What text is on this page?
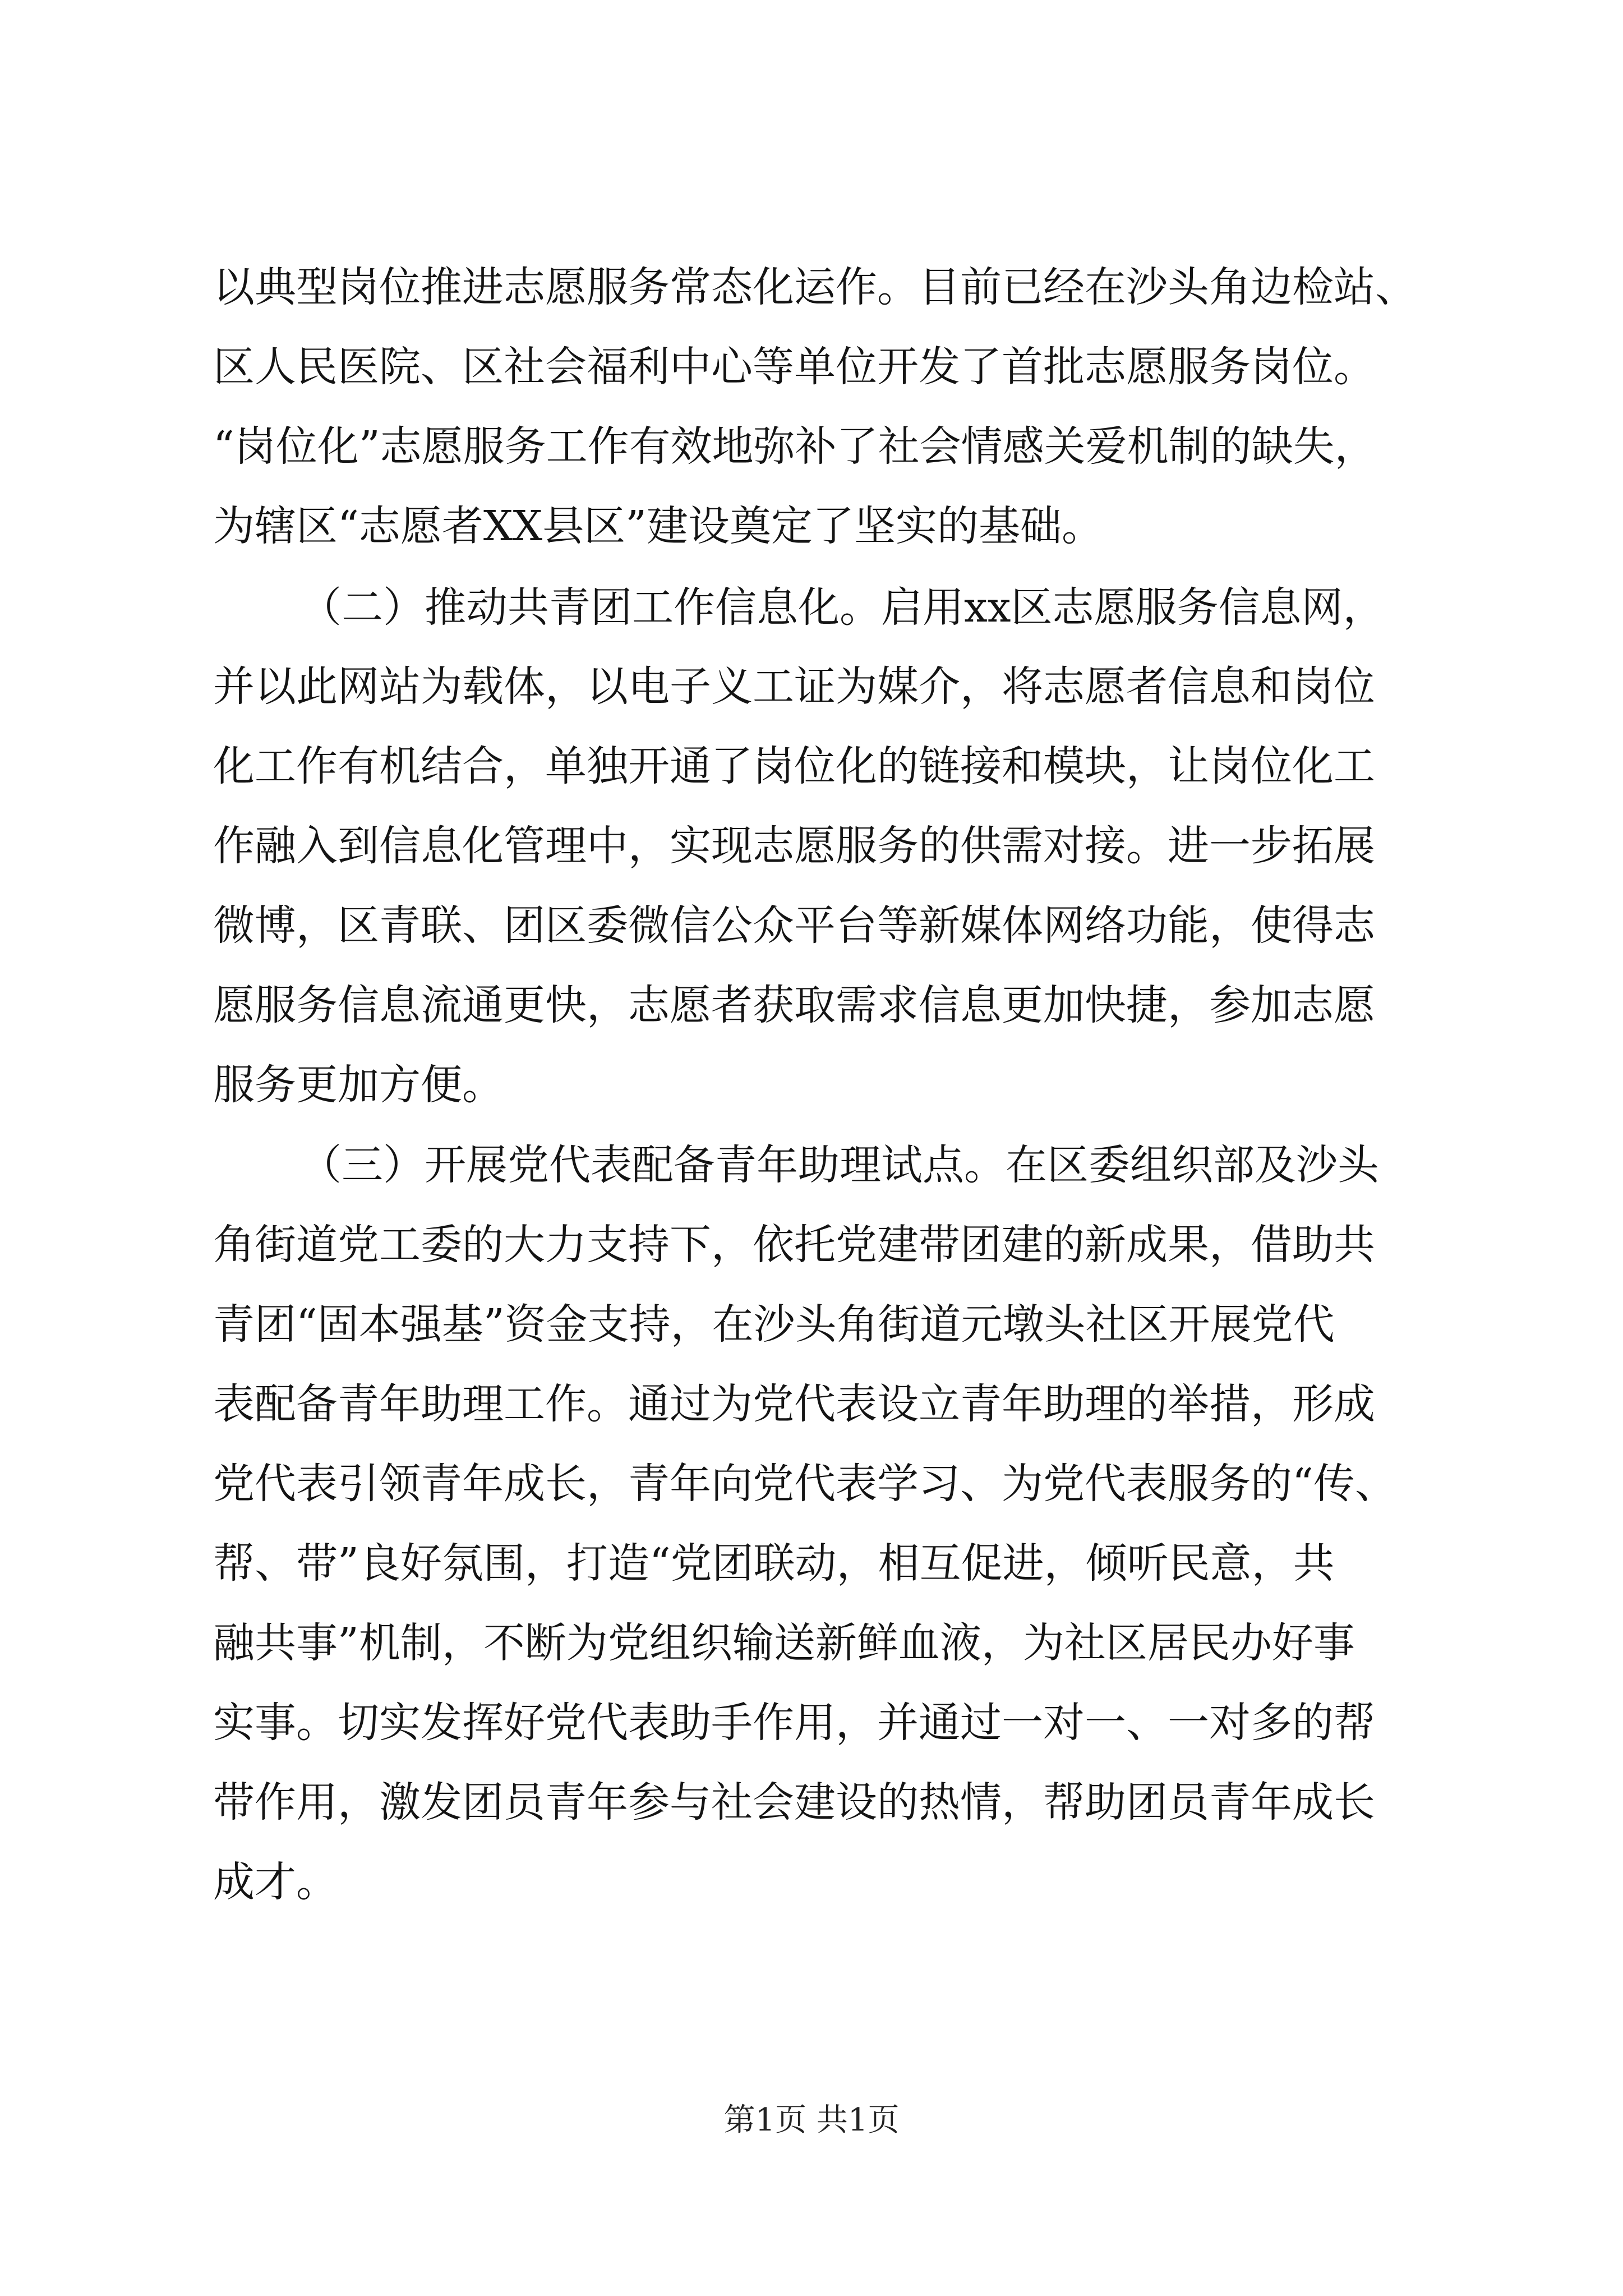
以典型岗位推进志愿服务常态化运作。目前已经在沙头角边检站、
区人民医院、区社会福利中心等单位开发了首批志愿服务岗位。
“岗位化”志愿服务工作有效地弥补了社会情感关爱机制的缺失，
为辖区“志愿者XX县区”建设奠定了坚实的基础。
（二）推动共青团工作信息化。启用xx区志愿服务信息网，
并以此网站为载体，以电子义工证为媒介，将志愿者信息和岗位
化工作有机结合，单独开通了岗位化的链接和模块，让岗位化工
作融入到信息化管理中，实现志愿服务的供需对接。进一步拓展
微博，区青联、团区委微信公众平台等新媒体网络功能，使得志
愿服务信息流通更快，志愿者获取需求信息更加快捷，参加志愿
服务更加方便。
（三）开展党代表配备青年助理试点。在区委组织部及沙头
角街道党工委的大力支持下，依托党建带团建的新成果，借助共
青团“固本强基”资金支持，在沙头角街道元墩头社区开展党代
表配备青年助理工作。通过为党代表设立青年助理的举措，形成
党代表引领青年成长，青年向党代表学习、为党代表服务的“传、
帮、带”良好氛围，打造“党团联动，相互促进，倾听民意，共
融共事”机制，不断为党组织输送新鲜血液，为社区居民办好事
实事。切实发挥好党代表助手作用，并通过一对一、一对多的帮
带作用，激发团员青年参与社会建设的热情，帮助团员青年成长
成才。
第1页 共1页
